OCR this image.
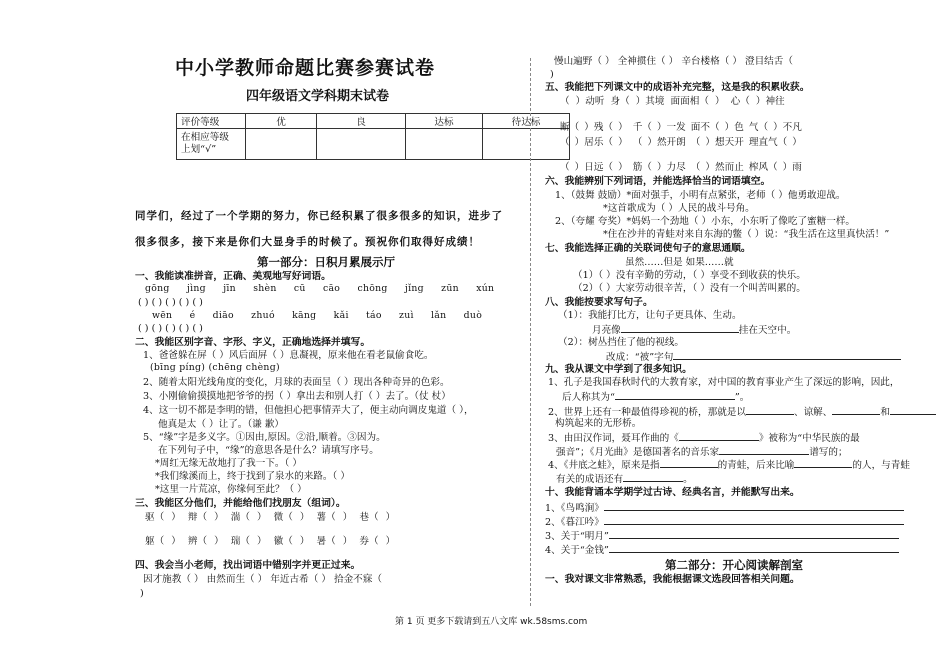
中小学教师命题比赛参赛试卷
四年级语文学科期末试卷
评价等级	优	良	达标	待达标
在相应等级
上划“√”				
同学们，经过了一个学期的努力，你已经积累了很多很多的知识，进步了
很多很多，接下来是你们大显身手的时候了。预祝你们取得好成绩！
第一部分：日积月累展示厅
一、我能读准拼音，正确、美观地写好词语。
gōng jìng jīn shèn cū cāo chōng jǐng zūn xún
( ) ( ) ( ) ( ) ( )
wēn é diāo zhuó kāng kǎi táo zuì lǎn duò
( ) ( ) ( ) ( ) ( )
二、我能区别字音、字形、字义，正确地选择并填写。
1、爸爸躲在屏（ ）风后面屏（ ）息凝视，原来他在看老鼠偷食吃。
(bīng píng) (chēng chèng)
2、随着太阳光线角度的变化，月球的表面呈（ ）现出各种奇异的色彩。
3、小刚偷偷摸摸地把爷爷的拐（ ）拿出去和别人打（ ）去了。（仗 杖）
4、这一切不都是李明的错，但他担心把事情弄大了，便主动向调皮鬼道（ ），
他真是太（ ）让了。（谦 歉）
5、“缘”字是多义字。①因由,原因。②沿,顺着。③因为。
在下列句子中，“缘”的意思各是什么？请填写序号。
*周红无缘无故地打了我一下。（ ）
*我们缘溪而上，终于找到了泉水的来路。（ ）
*这里一片荒凉，你缘何至此？（ ）
三、我能区分他们，并能给他们找朋友（组词）。
驱（ ） 辩（ ） 湍（ ） 微（ ） 薯（ ） 巷（ ）
躯（ ） 辨（ ） 瑞（ ） 徽（ ） 暑（ ） 券（ ）
四、我会当小老师，找出词语中错别字并更正过来。
因才施教（ ） 由然而生（ ） 年近古希（ ） 拾金不寐（
)
慢山遍野（ ） 全神掼住（ ） 辛台楼格（ ） 澄目结舌（
)
五、我能把下列课文中的成语补充完整，这是我的积累收获。
（ ）动听 身（ ）其境 面面相（ ） 心（ ）神往
断（ ）残（ ） 千（ ）一发 面不（ ）色 气（ ）不凡
（ ）居乐（ ） （ ）然开朗 （ ）想天开 理直气（ ）
（ ）日远（ ） 筋（ ）力尽 （ ）然而止 榨风（ ）雨
六、我能辨别下列词语，并能选择恰当的词语填空。
1、（鼓舞 鼓励）*面对强手，小明有点紧张，老师（ ）他勇敢迎战。
*这首歌成为（ ）人民的战斗号角。
2、（夸耀 夸奖）*妈妈一个劲地（ ）小东，小东听了像吃了蜜糖一样。
*住在沙井的青蛙对来自东海的鳖（ ）说：“我生活在这里真快活！”
七、我能选择正确的关联词使句子的意思通顺。
虽然……但是 如果……就
（1）（ ）没有辛勤的劳动，（ ）享受不到收获的快乐。
（2）（ ）大家劳动很辛苦，（ ）没有一个叫苦叫累的。
八、我能按要求写句子。
（1）：我能打比方，让句子更具体、生动。
月亮像	挂在天空中。
（2）：树丛挡住了他的视线。
改成：“被”字句
九、我从课文中学到了很多知识。
1、孔子是我国春秋时代的大教育家，对中国的教育事业产生了深远的影响，因此，
后人称其为“	”。
2、世界上还有一种最值得珍视的桥，那就是以	、谅解、	和
构筑起来的无形桥。
3、由田汉作词，聂耳作曲的《	》被称为“中华民族的最
强音”；《月光曲》是德国著名的音乐家	谱写的；
4、《井底之蛙》，原来是指	的青蛙，后来比喻	的人，与青蛙
有关的成语还有	。
十、我能背诵本学期学过古诗、经典名言，并能默写出来。
1、《鸟鸣涧》
2、《暮江吟》
3、关于“明月”
4、关于“金钱”
第二部分：开心阅读解剖室
一、我对课文非常熟悉，我能根据课文选段回答相关问题。
第 1 页 更多下载请到五八文库 wk.58sms.com
